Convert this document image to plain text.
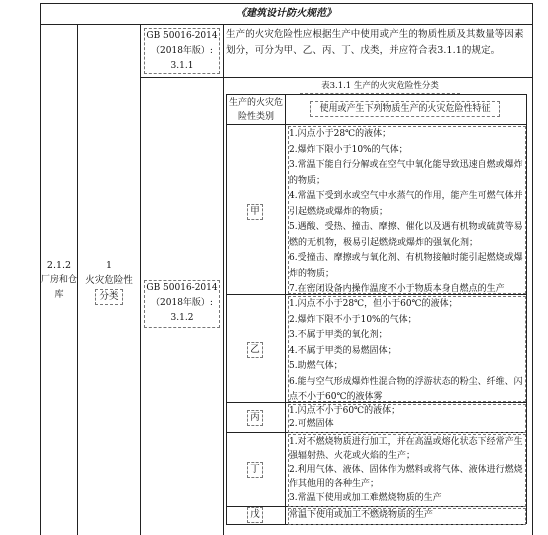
《建筑设计防火规范》
2.1.2
厂房和仓库
1
火灾危险性
分类
GB 50016-2014
（2018年版）:
3.1.1
GB 50016-2014
（2018年版）:
3.1.2
生产的火灾危险性应根据生产中使用或产生的物质性质及其数量等因素划分，可分为甲、乙、丙、丁、戊类，并应符合表3.1.1的规定。
表3.1.1 生产的火灾危险性分类
生产的火灾危险性类别
使用或产生下列物质生产的火灾危险性特征
甲
乙
丙
丁
戊
1.闪点小于28℃的液体；
2.爆炸下限小于10%的气体；
3.常温下能自行分解或在空气中氧化能导致迅速自燃或爆炸的物质；
4.常温下受到水或空气中水蒸气的作用，能产生可燃气体并引起燃烧或爆炸的物质；
5.遇酸、受热、撞击、摩擦、催化以及遇有机物或硫黄等易燃的无机物，极易引起燃烧或爆炸的强氧化剂；
6.受撞击、摩擦或与氧化剂、有机物接触时能引起燃烧或爆炸的物质；
7.在密闭设备内操作温度不小于物质本身自燃点的生产
1.闪点不小于28℃，但小于60℃的液体；
2.爆炸下限不小于10%的气体；
3.不属于甲类的氧化剂；
4.不属于甲类的易燃固体；
5.助燃气体；
6.能与空气形成爆炸性混合物的浮游状态的粉尘、纤维、闪点不小于60℃的液体雾
1.闪点不小于60℃的液体；
2.可燃固体
1.对不燃烧物质进行加工，并在高温或熔化状态下经常产生强辐射热、火花或火焰的生产；
2.利用气体、液体、固体作为燃料或将气体、液体进行燃烧作其他用的各种生产；
3.常温下使用或加工难燃烧物质的生产
常温下使用或加工不燃烧物质的生产
